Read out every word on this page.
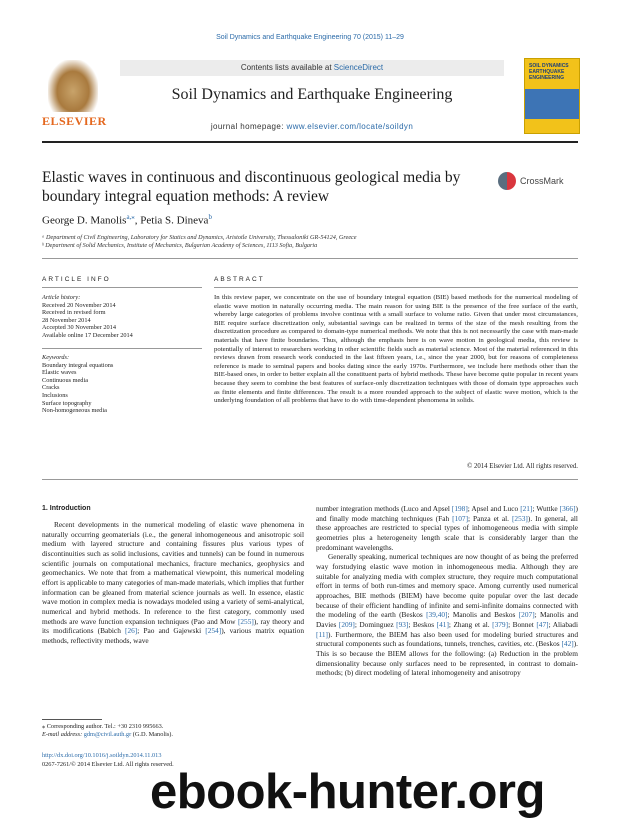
Soil Dynamics and Earthquake Engineering 70 (2015) 11–29
ELSEVIER
Contents lists available at ScienceDirect
Soil Dynamics and Earthquake Engineering
journal homepage: www.elsevier.com/locate/soildyn
SOIL DYNAMICS EARTHQUAKE ENGINEERING
Elastic waves in continuous and discontinuous geological media by boundary integral equation methods: A review
CrossMark
George D. Manolis$^{a,⁎}$, Petia S. Dineva$^b$
ᵃ Department of Civil Engineering, Laboratory for Statics and Dynamics, Aristotle University, Thessaloniki GR-54124, Greece
ᵇ Department of Solid Mechanics, Institute of Mechanics, Bulgarian Academy of Sciences, 1113 Sofia, Bulgaria
ARTICLE INFO
Article history:
Received 20 November 2014
Received in revised form
28 November 2014
Accepted 30 November 2014
Available online 17 December 2014
Keywords:
Boundary integral equations
Elastic waves
Continuous media
Cracks
Inclusions
Surface topography
Non-homogeneous media
ABSTRACT
In this review paper, we concentrate on the use of boundary integral equation (BIE) based methods for the numerical modeling of elastic wave motion in naturally occurring media. The main reason for using BIE is the presence of the free surface of the earth, whereby large categories of problems involve continua with a small surface to volume ratio. Given that under most circumstances, BIE require surface discretization only, substantial savings can be realized in terms of the size of the mesh resulting from the discretization procedure as compared to domain-type numerical methods. We note that this is not necessarily the case with man-made materials that have finite boundaries. Thus, although the emphasis here is on wave motion in geological media, this review is potentially of interest to researchers working in other scientific fields such as material science. Most of the material referenced in this reviews drawn from research work conducted in the last fifteen years, i.e., since the year 2000, but for reasons of completeness reference is made to seminal papers and books dating since the early 1970s. Furthermore, we include here methods other than the BIE-based ones, in order to better explain all the constituent parts of hybrid methods. These have become quite popular in recent years because they seem to combine the best features of surface-only discretization techniques with those of domain type approaches such as finite elements and finite differences. The result is a more rounded approach to the subject of elastic wave motion, which is the underlying foundation of all problems that have to do with time-dependent phenomena in solids.
© 2014 Elsevier Ltd. All rights reserved.
1. Introduction

Recent developments in the numerical modeling of elastic wave phenomena in naturally occurring geomaterials (i.e., the general inhomogeneous and anisotropic soil medium with layered structure and containing fissures plus various types of discontinuities such as solid inclusions, cavities and tunnels) can be found in numerous scientific journals on computational mechanics, fracture mechanics, geophysics and geomechanics. We note that from a mathematical viewpoint, this numerical modeling effort is applicable to many categories of man-made materials, which implies that further information can be gleaned from material science journals as well. In essence, elastic wave motion in complex media is nowadays modeled using a variety of semi-analytical, numerical and hybrid methods. In reference to the first category, commonly used methods are wave function expansion techniques (Pao and Mow [255]), ray theory and its modifications (Babich [26]; Pao and Gajewski [254]), various matrix equation methods, reflectivity methods, wave

number integration methods (Luco and Apsel [198]; Apsel and Luco [21]; Wuttke [366]) and finally mode matching techniques (Fah [107]; Panza et al. [253]). In general, all these approaches are restricted to special types of inhomogeneous media with simple geometries plus a heterogeneity length scale that is considerably larger than the predominant wavelengths.

Generally speaking, numerical techniques are now thought of as being the preferred way forstudying elastic wave motion in inhomogeneous media. Although they are suitable for analyzing media with complex structure, they require much computational effort in terms of both run-times and memory space. Among currently used numerical approaches, BIE methods (BIEM) have become quite popular over the last decade because of their efficient handling of infinite and semi-infinite domains connected with the modeling of the earth (Beskos [39,40]; Manolis and Beskos [207]; Manolis and Davies [209]; Dominguez [93]; Beskos [41]; Zhang et al. [379]; Bonnet [47]; Aliabadi [11]). Furthermore, the BIEM has also been used for modeling buried structures and structural components such as foundations, tunnels, trenches, cavities, etc. (Beskos [42]). This is so because the BIEM allows for the following: (a) Reduction in the problem dimensionality because only surfaces need to be represented, in contrast to domain-methods; (b) direct modeling of lateral inhomogeneity and anisotropy

⁎ Corresponding author. Tel.: +30 2310 995663.
E-mail address: gdm@civil.auth.gr (G.D. Manolis).
http://dx.doi.org/10.1016/j.soildyn.2014.11.013
0267-7261/© 2014 Elsevier Ltd. All rights reserved.
ebook-hunter.org
